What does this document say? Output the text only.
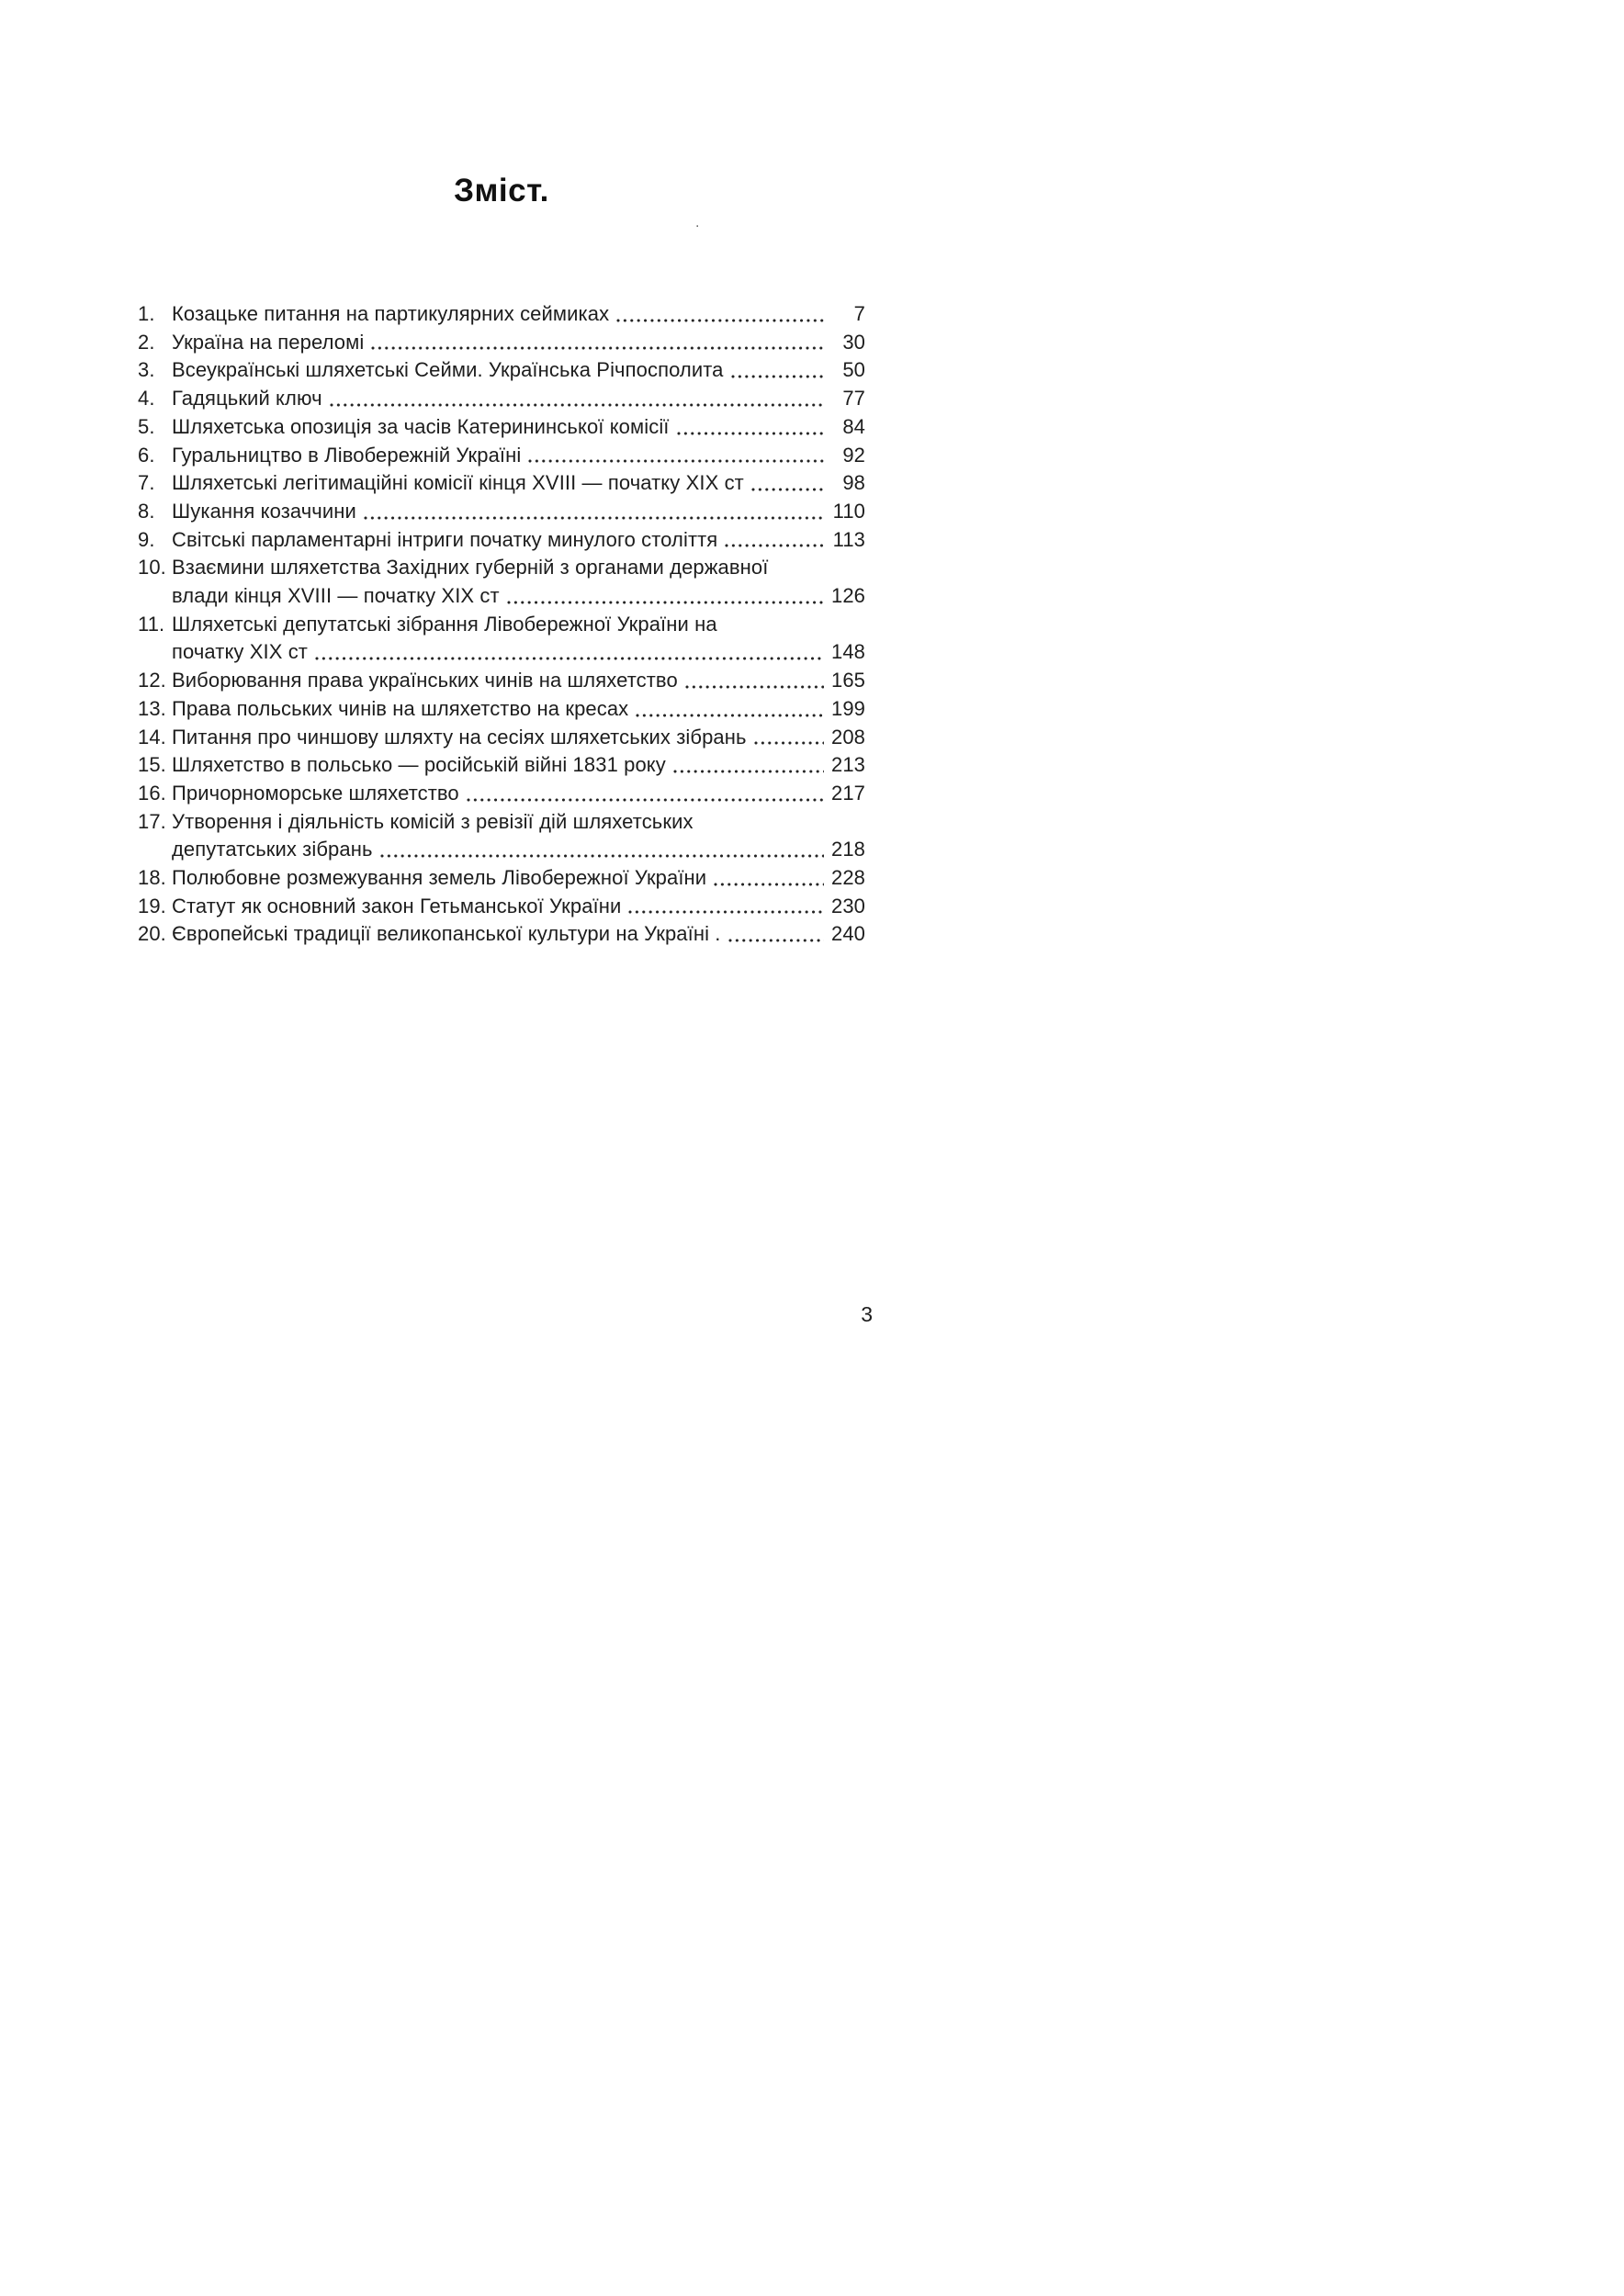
Зміст.
1. Козацьке питання на партикулярних сеймиках	7
2. Україна на переломі	30
3. Всеукраїнські шляхетські Сейми. Українська Річпосполита	50
4. Гадяцький ключ	77
5. Шляхетська опозиція за часів Катерининської комісії	84
6. Гуральництво в Лівобережній Україні	92
7. Шляхетські легітимаційні комісії кінця XVIII — початку XIX ст	98
8. Шукання козаччини	110
9. Світські парламентарні інтриги початку минулого століття	113
10. Взаємини шляхетства Західних губерній з органами державної
влади кінця XVIII — початку XIX ст	126
11. Шляхетські депутатські зібрання Лівобережної України на
початку XIX ст	148
12. Виборювання права українських чинів на шляхетство	165
13. Права польських чинів на шляхетство на кресах	199
14. Питання про чиншову шляхту на сесіях шляхетських зібрань	208
15. Шляхетство в польсько — російській війні 1831 року	213
16. Причорноморське шляхетство	217
17. Утворення і діяльність комісій з ревізії дій шляхетських
депутатських зібрань	218
18. Полюбовне розмежування земель Лівобережної України	228
19. Статут як основний закон Гетьманської України	230
20. Європейські традиції великопанської культури на Україні .	240
.
3
